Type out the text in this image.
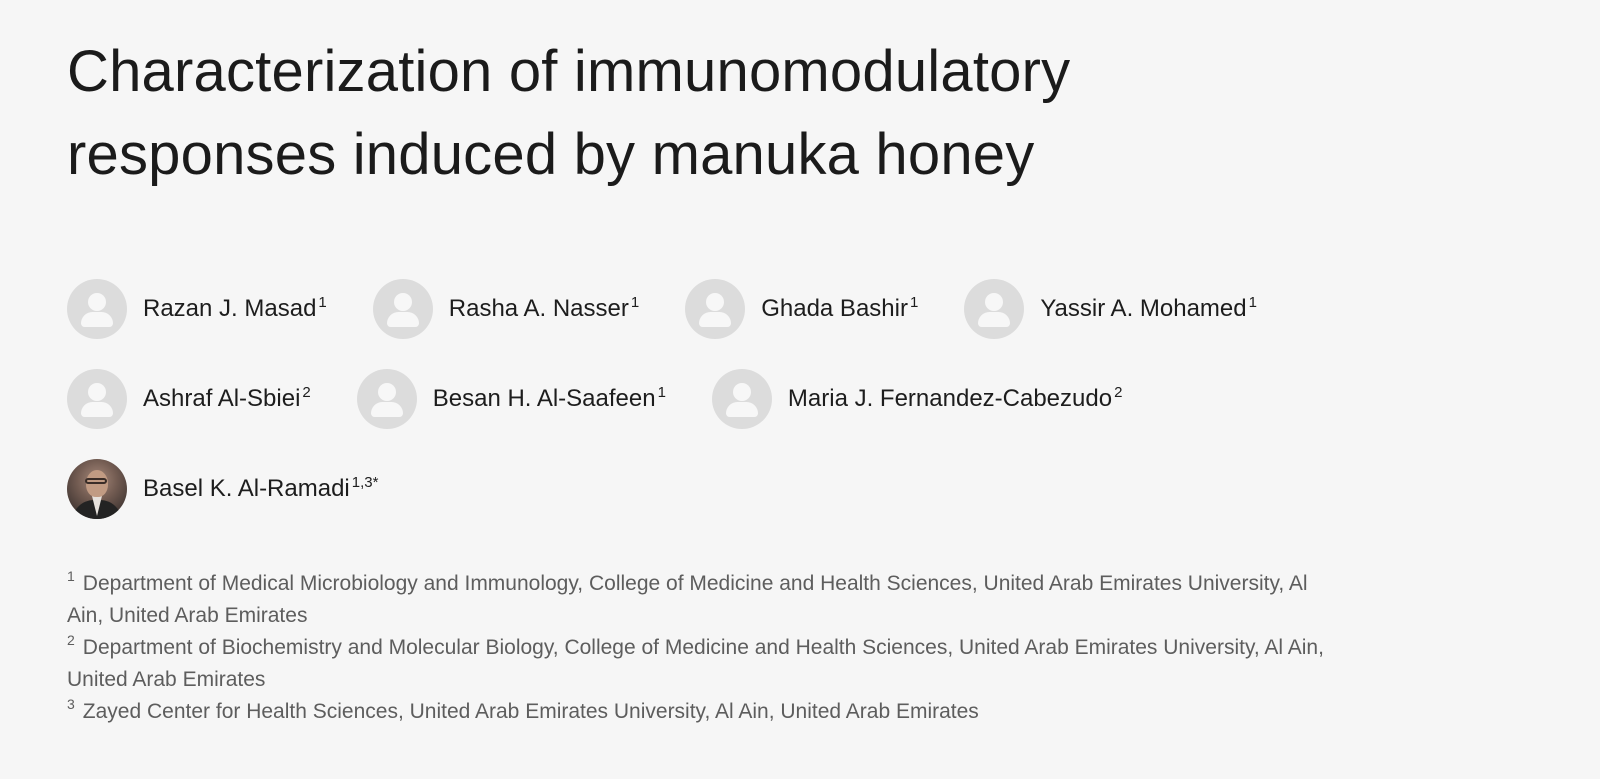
Characterization of immunomodulatory
responses induced by manuka honey
Razan J. Masad $^1$	Rasha A. Nasser $^1$	Ghada Bashir $^1$	Yassir A. Mohamed $^1$
Ashraf Al-Sbiei $^2$	Besan H. Al-Saafeen $^1$	Maria J. Fernandez-Cabezudo $^2$
Basel K. Al-Ramadi $^{1,3*}$

$^1$ Department of Medical Microbiology and Immunology, College of Medicine and Health Sciences, United Arab Emirates University, Al Ain, United Arab Emirates

$^2$ Department of Biochemistry and Molecular Biology, College of Medicine and Health Sciences, United Arab Emirates University, Al Ain, United Arab Emirates

$^3$ Zayed Center for Health Sciences, United Arab Emirates University, Al Ain, United Arab Emirates
